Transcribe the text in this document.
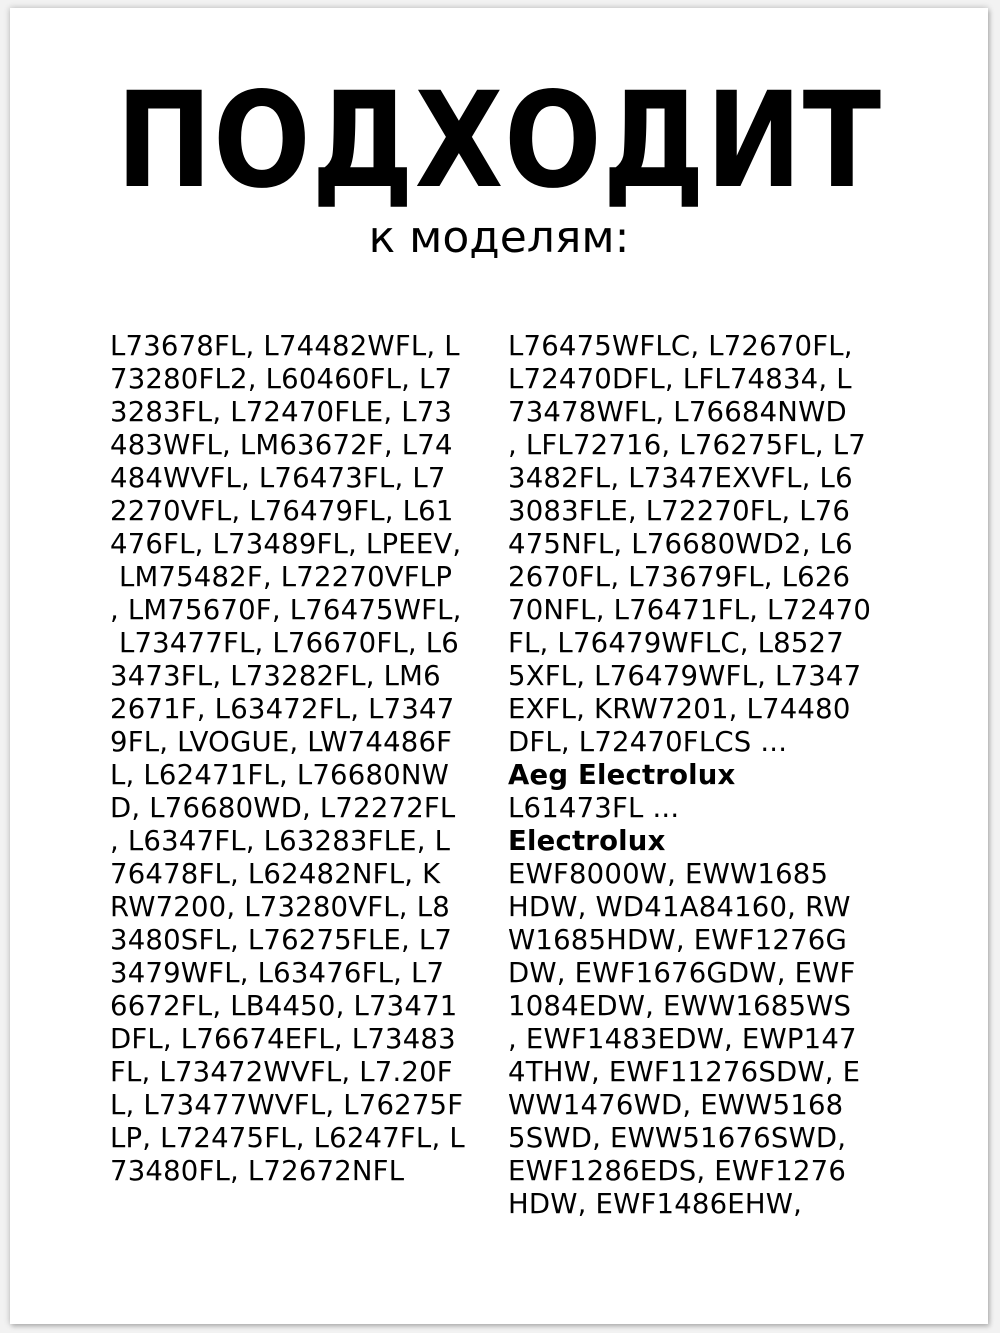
ПОДХОДИТ
к моделям:
L73678FL, L74482WFL, L
73280FL2, L60460FL, L7
3283FL, L72470FLE, L73
483WFL, LM63672F, L74
484WVFL, L76473FL, L7
2270VFL, L76479FL, L61
476FL, L73489FL, LPEEV,
LM75482F, L72270VFLP
, LM75670F, L76475WFL,
L73477FL, L76670FL, L6
3473FL, L73282FL, LM6
2671F, L63472FL, L7347
9FL, LVOGUE, LW74486F
L, L62471FL, L76680NW
D, L76680WD, L72272FL
, L6347FL, L63283FLE, L
76478FL, L62482NFL, K
RW7200, L73280VFL, L8
3480SFL, L76275FLE, L7
3479WFL, L63476FL, L7
6672FL, LB4450, L73471
DFL, L76674EFL, L73483
FL, L73472WVFL, L7.20F
L, L73477WVFL, L76275F
LP, L72475FL, L6247FL, L
73480FL, L72672NFL
L76475WFLC, L72670FL,
L72470DFL, LFL74834, L
73478WFL, L76684NWD
, LFL72716, L76275FL, L7
3482FL, L7347EXVFL, L6
3083FLE, L72270FL, L76
475NFL, L76680WD2, L6
2670FL, L73679FL, L626
70NFL, L76471FL, L72470
FL, L76479WFLC, L8527
5XFL, L76479WFL, L7347
EXFL, KRW7201, L74480
DFL, L72470FLCS ...
Aeg Electrolux
L61473FL ...
Electrolux
EWF8000W, EWW1685
HDW, WD41A84160, RW
W1685HDW, EWF1276G
DW, EWF1676GDW, EWF
1084EDW, EWW1685WS
, EWF1483EDW, EWP147
4THW, EWF11276SDW, E
WW1476WD, EWW5168
5SWD, EWW51676SWD,
EWF1286EDS, EWF1276
HDW, EWF1486EHW,
